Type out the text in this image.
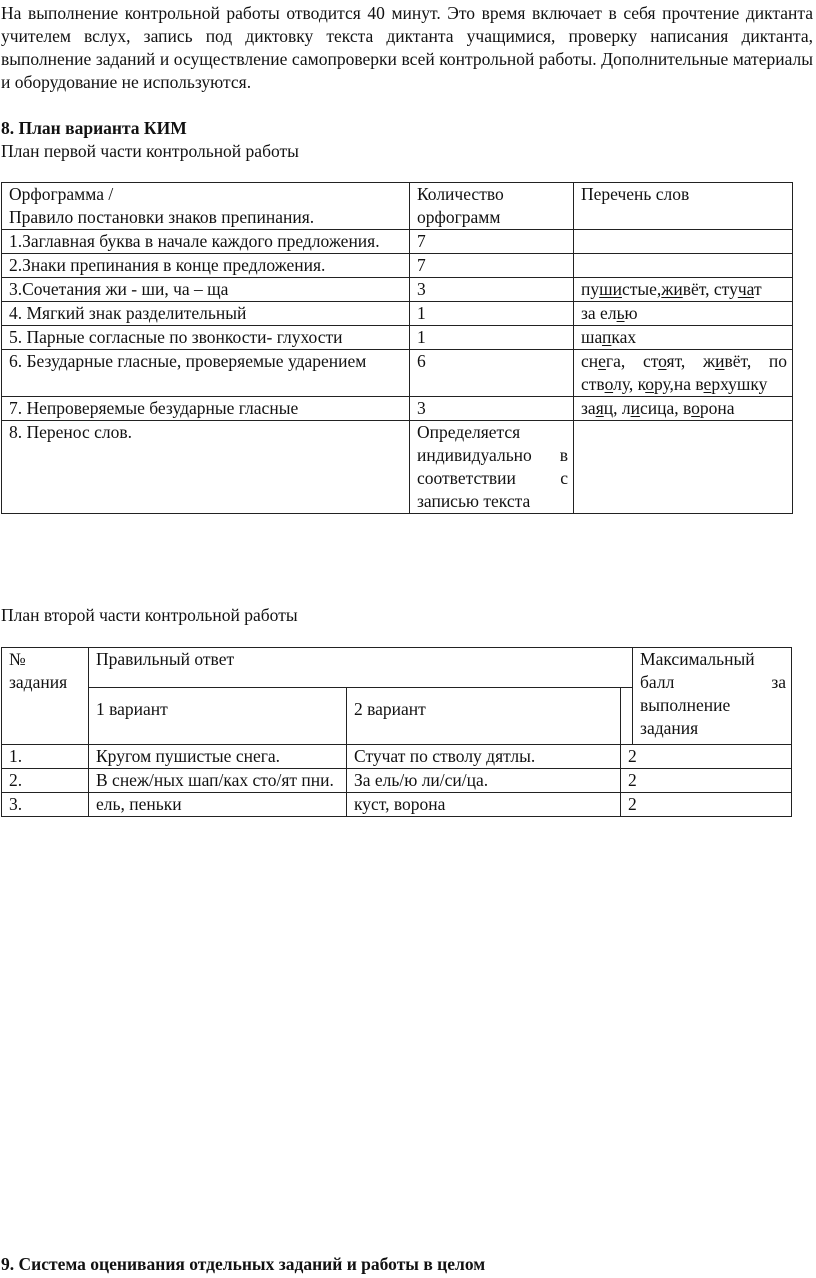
На выполнение контрольной работы отводится 40 минут. Это время включает в себя прочтение диктанта учителем вслух, запись под диктовку текста диктанта учащимися, проверку написания диктанта, выполнение заданий и осуществление самопроверки всей контрольной работы. Дополнительные материалы и оборудование не используются.
8. План варианта КИМ
План первой части контрольной работы
Орфограмма /
Правило постановки знаков препинания.	Количество орфограмм	Перечень слов
1.Заглавная буква в начале каждого предложения.	7	
2.Знаки препинания в конце предложения.	7	
3.Сочетания жи - ши, ча – ща	3	пушистые,живёт, стучат
4. Мягкий знак разделительный	1	за елью
5. Парные согласные по звонкости- глухости	1	шапках
6. Безударные гласные, проверяемые ударением	6	снега, стоят, живёт, по стволу, кору,на верхушку
7. Непроверяемые безударные гласные	3	заяц, лисица, ворона
8. Перенос слов.	Определяется индивидуально в соответствии с записью текста	
План второй части контрольной работы
№ задания	Правильный ответ			Максимальный балл за выполнение задания
	1 вариант	2 вариант		
1.	Кругом пушистые снега.	Стучат по стволу дятлы.	2	
2.	В снеж/ных шап/ках сто/ят пни.	За ель/ю ли/си/ца.	2	
3.	ель, пеньки	куст, ворона	2	
9. Система оценивания отдельных заданий и работы в целом
